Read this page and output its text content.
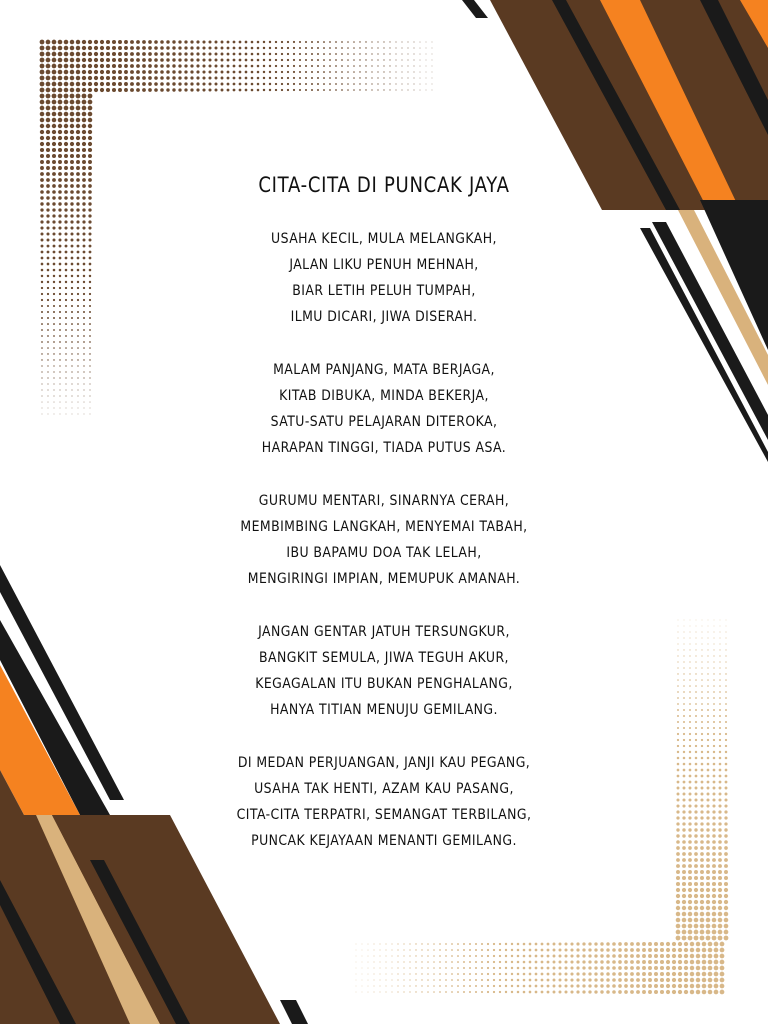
CITA-CITA DI PUNCAK JAYA
USAHA KECIL, MULA MELANGKAH,
JALAN LIKU PENUH MEHNAH,
BIAR LETIH PELUH TUMPAH,
ILMU DICARI, JIWA DISERAH.
MALAM PANJANG, MATA BERJAGA,
KITAB DIBUKA, MINDA BEKERJA,
SATU-SATU PELAJARAN DITEROKA,
HARAPAN TINGGI, TIADA PUTUS ASA.
GURUMU MENTARI, SINARNYA CERAH,
MEMBIMBING LANGKAH, MENYEMAI TABAH,
IBU BAPAMU DOA TAK LELAH,
MENGIRINGI IMPIAN, MEMUPUK AMANAH.
JANGAN GENTAR JATUH TERSUNGKUR,
BANGKIT SEMULA, JIWA TEGUH AKUR,
KEGAGALAN ITU BUKAN PENGHALANG,
HANYA TITIAN MENUJU GEMILANG.
DI MEDAN PERJUANGAN, JANJI KAU PEGANG,
USAHA TAK HENTI, AZAM KAU PASANG,
CITA-CITA TERPATRI, SEMANGAT TERBILANG,
PUNCAK KEJAYAAN MENANTI GEMILANG.
